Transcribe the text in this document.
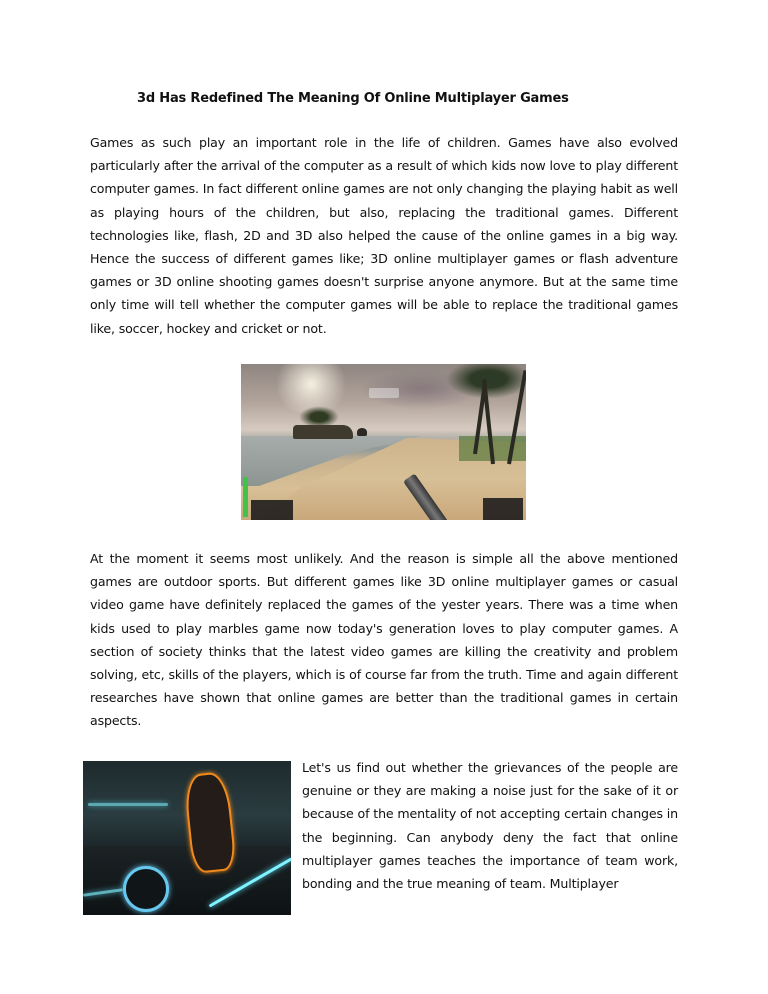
3d Has Redefined The Meaning Of Online Multiplayer Games

Games as such play an important role in the life of children. Games have also evolved particularly after the arrival of the computer as a result of which kids now love to play different computer games. In fact different online games are not only changing the playing habit as well as playing hours of the children, but also, replacing the traditional games. Different technologies like, flash, 2D and 3D also helped the cause of the online games in a big way. Hence the success of different games like; 3D online multiplayer games or flash adventure games or 3D online shooting games doesn't surprise anyone anymore. But at the same time only time will tell whether the computer games will be able to replace the traditional games like, soccer, hockey and cricket or not.

At the moment it seems most unlikely. And the reason is simple all the above mentioned games are outdoor sports. But different games like 3D online multiplayer games or casual video game have definitely replaced the games of the yester years. There was a time when kids used to play marbles game now today's generation loves to play computer games. A section of society thinks that the latest video games are killing the creativity and problem solving, etc, skills of the players, which is of course far from the truth. Time and again different researches have shown that online games are better than the traditional games in certain aspects.

Let's us find out whether the grievances of the people are genuine or they are making a noise just for the sake of it or because of the mentality of not accepting certain changes in the beginning. Can anybody deny the fact that online multiplayer games teaches the importance of team work, bonding and the true meaning of team. Multiplayer
